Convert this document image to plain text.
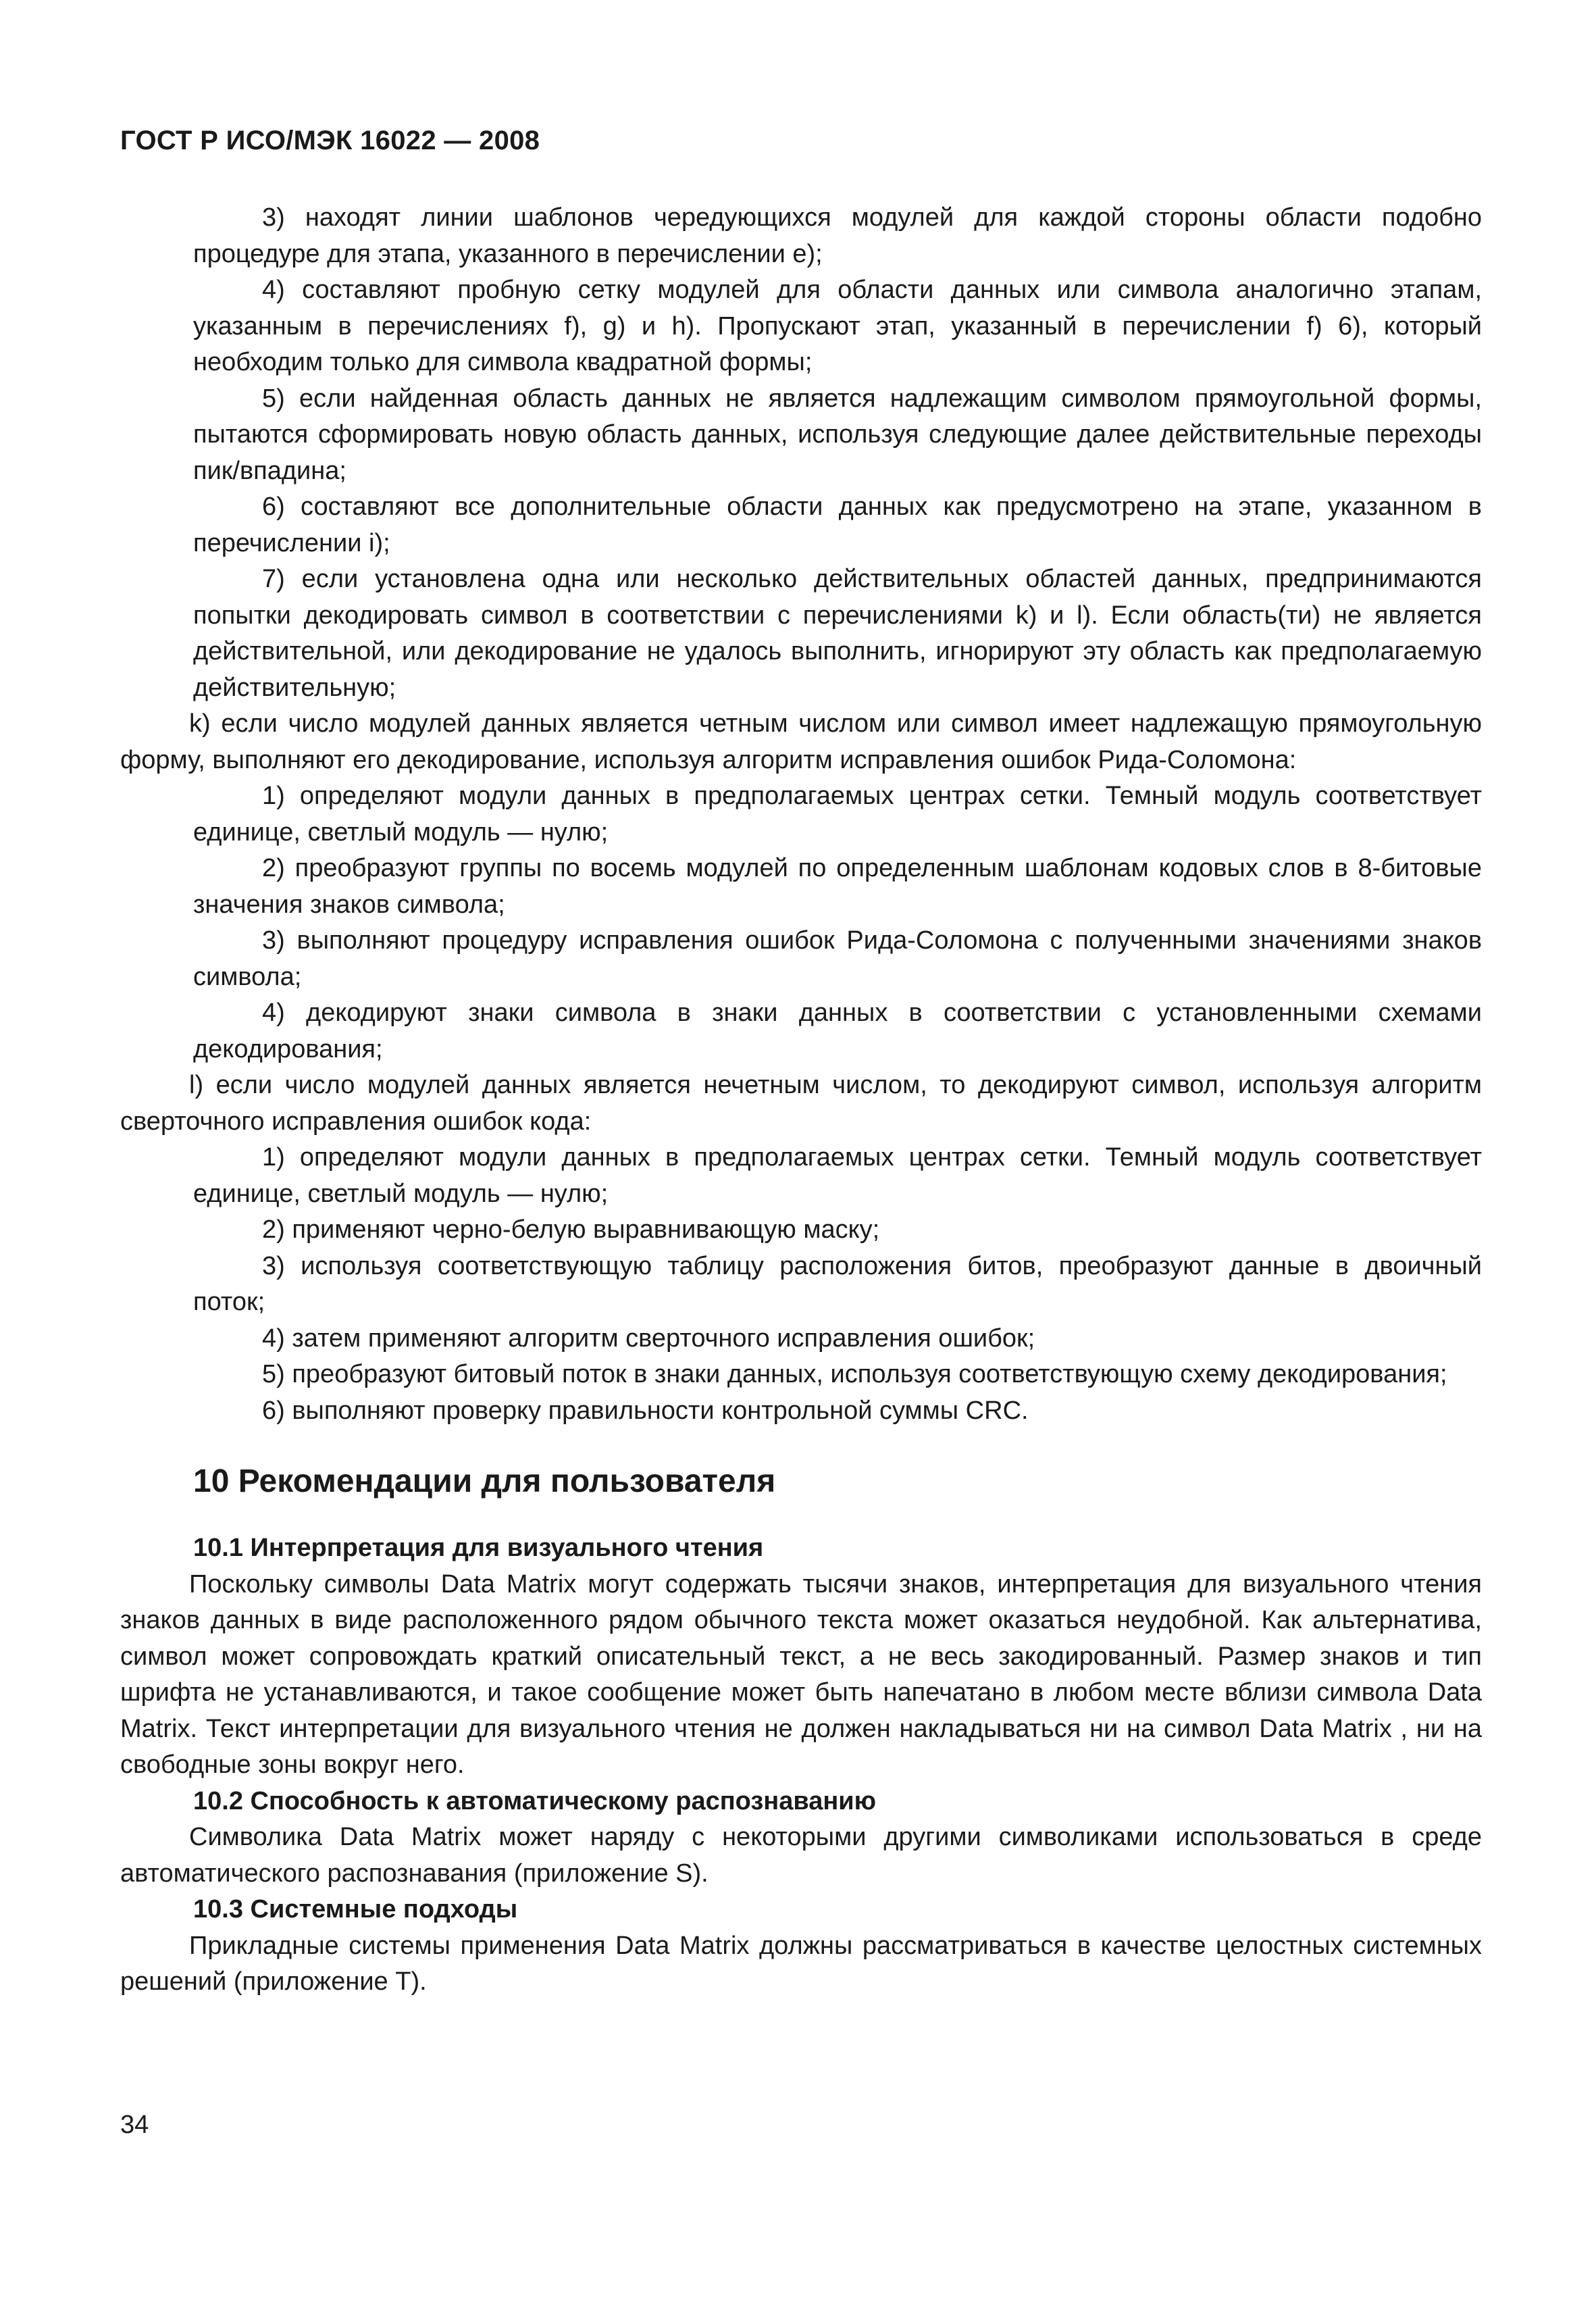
ГОСТ Р ИСО/МЭК 16022 — 2008

3) находят линии шаблонов чередующихся модулей для каждой стороны области подобно процедуре для этапа, указанного в перечислении е);

4) составляют пробную сетку модулей для области данных или символа аналогично этапам, указанным в перечислениях f), g) и h). Пропускают этап, указанный в перечислении f) 6), который необходим только для символа квадратной формы;

5) если найденная область данных не является надлежащим символом прямоугольной формы, пытаются сформировать новую область данных, используя следующие далее действительные переходы пик/впадина;

6) составляют все дополнительные области данных как предусмотрено на этапе, указанном в перечислении i);

7) если установлена одна или несколько действительных областей данных, предпринимаются попытки декодировать символ в соответствии с перечислениями k) и l). Если область(ти) не является действительной, или декодирование не удалось выполнить, игнорируют эту область как предполагаемую действительную;

k) если число модулей данных является четным числом или символ имеет надлежащую прямоугольную форму, выполняют его декодирование, используя алгоритм исправления ошибок Рида-Соломона:

1) определяют модули данных в предполагаемых центрах сетки. Темный модуль соответствует единице, светлый модуль — нулю;

2) преобразуют группы по восемь модулей по определенным шаблонам кодовых слов в 8-битовые значения знаков символа;

3) выполняют процедуру исправления ошибок Рида-Соломона с полученными значениями знаков символа;

4) декодируют знаки символа в знаки данных в соответствии с установленными схемами декодирования;

l) если число модулей данных является нечетным числом, то декодируют символ, используя алгоритм сверточного исправления ошибок кода:

1) определяют модули данных в предполагаемых центрах сетки. Темный модуль соответствует единице, светлый модуль — нулю;

2) применяют черно-белую выравнивающую маску;

3) используя соответствующую таблицу расположения битов, преобразуют данные в двоичный поток;

4) затем применяют алгоритм сверточного исправления ошибок;

5) преобразуют битовый поток в знаки данных, используя соответствующую схему декодирования;

6) выполняют проверку правильности контрольной суммы CRC.

10 Рекомендации для пользователя

10.1 Интерпретация для визуального чтения

Поскольку символы Data Matrix могут содержать тысячи знаков, интерпретация для визуального чтения знаков данных в виде расположенного рядом обычного текста может оказаться неудобной. Как альтернатива, символ может сопровождать краткий описательный текст, а не весь закодированный. Размер знаков и тип шрифта не устанавливаются, и такое сообщение может быть напечатано в любом месте вблизи символа Data Matrix. Текст интерпретации для визуального чтения не должен накладываться ни на символ Data Matrix , ни на свободные зоны вокруг него.

10.2 Способность к автоматическому распознаванию

Символика Data Matrix может наряду с некоторыми другими символиками использоваться в среде автоматического распознавания (приложение S).

10.3 Системные подходы

Прикладные системы применения Data Matrix должны рассматриваться в качестве целостных системных решений (приложение Т).

34
